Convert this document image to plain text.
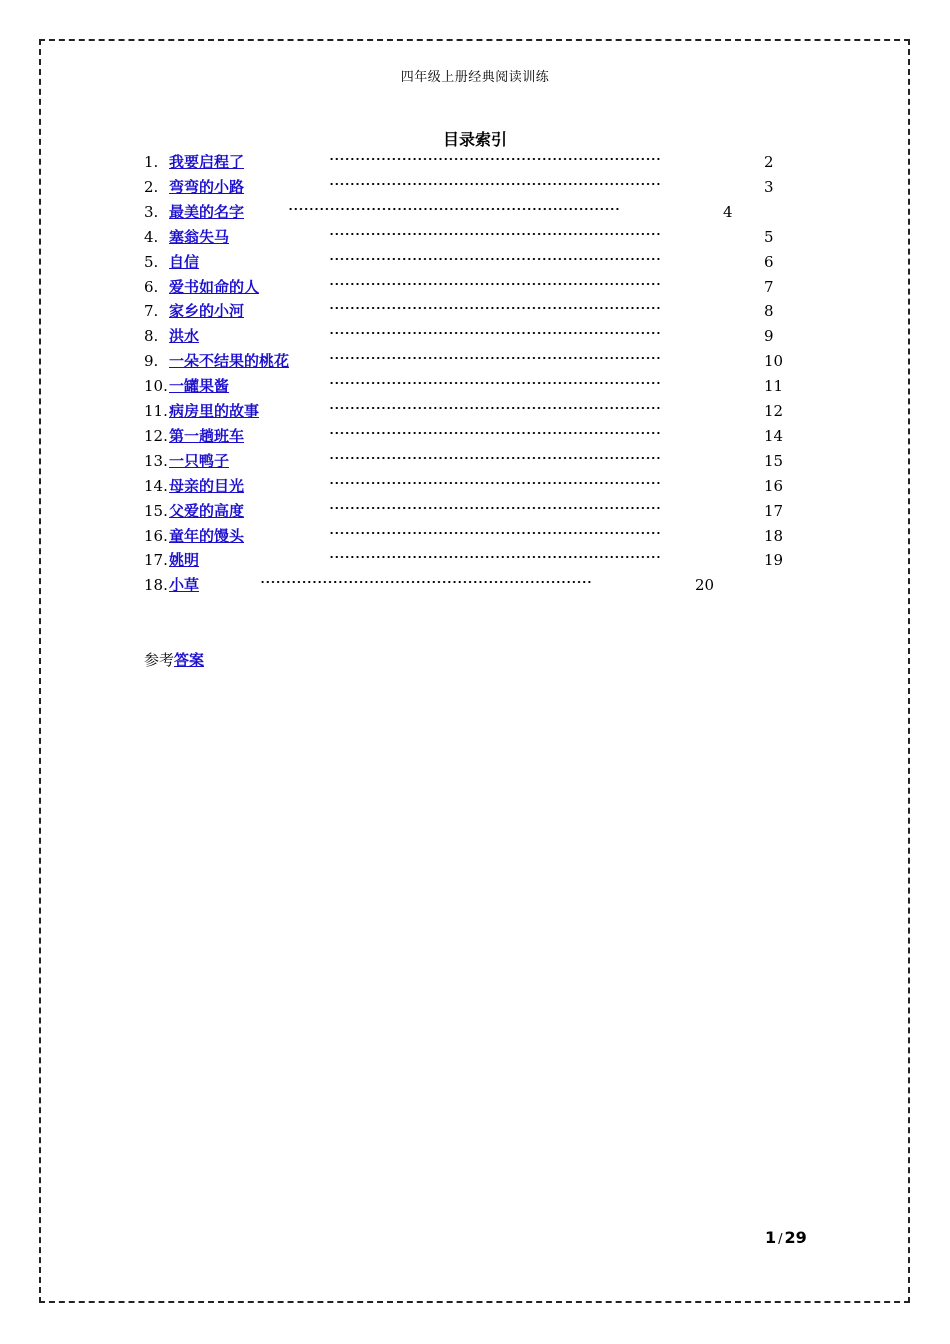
四年级上册经典阅读训练
目录索引
1. 我要启程了	2
2. 弯弯的小路	3
3. 最美的名字	4
4. 塞翁失马	5
5. 自信	6
6. 爱书如命的人	7
7. 家乡的小河	8
8. 洪水	9
9. 一朵不结果的桃花	10
10. 一罐果酱	11
11. 病房里的故事	12
12. 第一趟班车	14
13. 一只鸭子	15
14. 母亲的目光	16
15. 父爱的高度	17
16. 童年的馒头	18
17. 姚明	19
18. 小草	20
参考答案
1 / 29
